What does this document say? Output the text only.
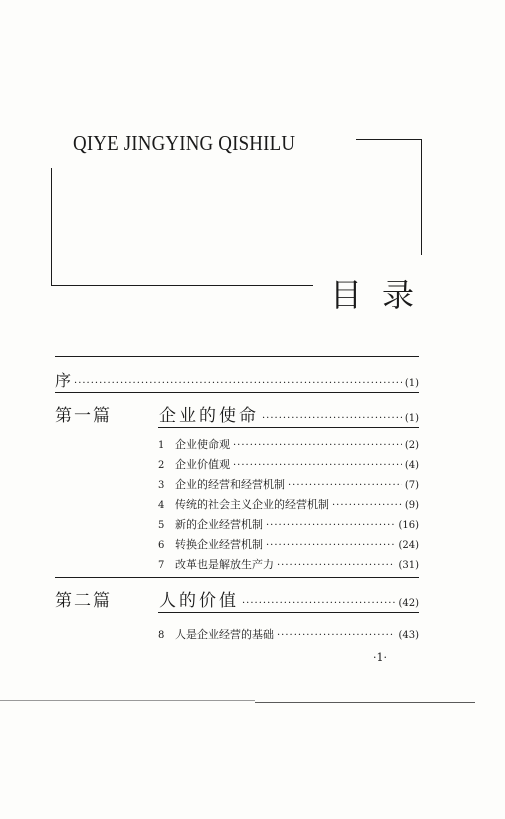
QIYE JINGYING QISHILU
目录
序 ·····	(1)
第一篇	企业的使命 ·····	(1)
1 企业使命观 ·····	(2)
2 企业价值观 ·····	(4)
3 企业的经营和经营机制 ·····	(7)
4 传统的社会主义企业的经营机制 ·····	(9)
5 新的企业经营机制 ·····	(16)
6 转换企业经营机制 ·····	(24)
7 改革也是解放生产力 ·····	(31)
第二篇	人的价值 ·····	(42)
8 人是企业经营的基础 ·····	(43)
·1·
